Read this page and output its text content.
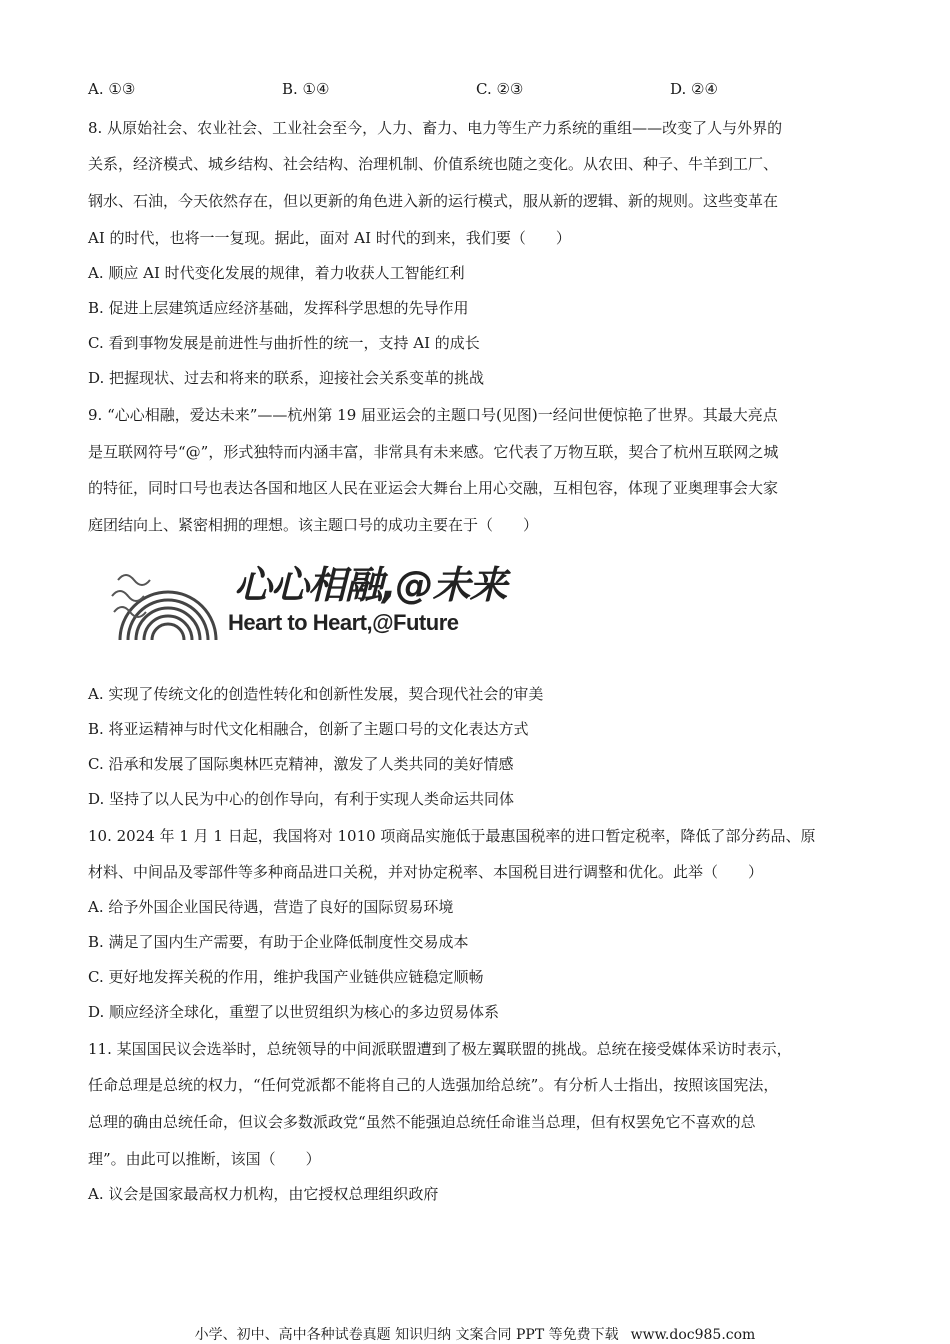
A. ①③	B. ①④	C. ②③	D. ②④
8. 从原始社会、农业社会、工业社会至今，人力、畜力、电力等生产力系统的重组——改变了人与外界的
关系，经济模式、城乡结构、社会结构、治理机制、价值系统也随之变化。从农田、种子、牛羊到工厂、
钢水、石油，今天依然存在，但以更新的角色进入新的运行模式，服从新的逻辑、新的规则。这些变革在
AI 的时代，也将一一复现。据此，面对 AI 时代的到来，我们要（　　）
A. 顺应 AI 时代变化发展的规律，着力收获人工智能红利
B. 促进上层建筑适应经济基础，发挥科学思想的先导作用
C. 看到事物发展是前进性与曲折性的统一，支持 AI 的成长
D. 把握现状、过去和将来的联系，迎接社会关系变革的挑战
9. “心心相融，爱达未来”——杭州第 19 届亚运会的主题口号(见图)一经问世便惊艳了世界。其最大亮点
是互联网符号“@”，形式独特而内涵丰富，非常具有未来感。它代表了万物互联，契合了杭州互联网之城
的特征，同时口号也表达各国和地区人民在亚运会大舞台上用心交融，互相包容，体现了亚奥理事会大家
庭团结向上、紧密相拥的理想。该主题口号的成功主要在于（　　）
心心相融,@未来
Heart to Heart,@Future
A. 实现了传统文化的创造性转化和创新性发展，契合现代社会的审美
B. 将亚运精神与时代文化相融合，创新了主题口号的文化表达方式
C. 沿承和发展了国际奥林匹克精神，激发了人类共同的美好情感
D. 坚持了以人民为中心的创作导向，有利于实现人类命运共同体
10. 2024 年 1 月 1 日起，我国将对 1010 项商品实施低于最惠国税率的进口暂定税率，降低了部分药品、原
材料、中间品及零部件等多种商品进口关税，并对协定税率、本国税目进行调整和优化。此举（　　）
A. 给予外国企业国民待遇，营造了良好的国际贸易环境
B. 满足了国内生产需要，有助于企业降低制度性交易成本
C. 更好地发挥关税的作用，维护我国产业链供应链稳定顺畅
D. 顺应经济全球化，重塑了以世贸组织为核心的多边贸易体系
11. 某国国民议会选举时，总统领导的中间派联盟遭到了极左翼联盟的挑战。总统在接受媒体采访时表示，
任命总理是总统的权力，“任何党派都不能将自己的人选强加给总统”。有分析人士指出，按照该国宪法，
总理的确由总统任命，但议会多数派政党“虽然不能强迫总统任命谁当总理，但有权罢免它不喜欢的总
理”。由此可以推断，该国（　　）
A. 议会是国家最高权力机构，由它授权总理组织政府
小学、初中、高中各种试卷真题 知识归纳 文案合同 PPT 等免费下载 www.doc985.com
